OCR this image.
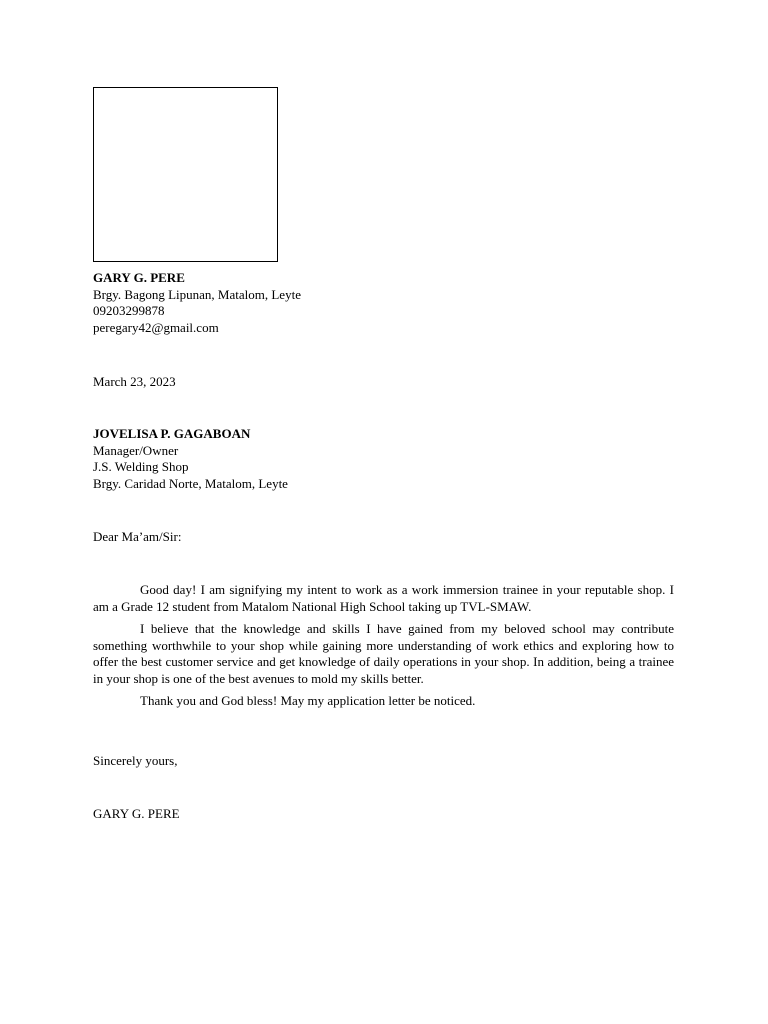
GARY G. PERE
Brgy. Bagong Lipunan, Matalom, Leyte
09203299878
peregary42@gmail.com
March 23, 2023
JOVELISA P. GAGABOAN
Manager/Owner
J.S. Welding Shop
Brgy. Caridad Norte, Matalom, Leyte
Dear Ma’am/Sir:

Good day! I am signifying my intent to work as a work immersion trainee in your reputable shop. I am a Grade 12 student from Matalom National High School taking up TVL-SMAW.

I believe that the knowledge and skills I have gained from my beloved school may contribute something worthwhile to your shop while gaining more understanding of work ethics and exploring how to offer the best customer service and get knowledge of daily operations in your shop. In addition, being a trainee in your shop is one of the best avenues to mold my skills better.

Thank you and God bless! May my application letter be noticed.

Sincerely yours,
GARY G. PERE
